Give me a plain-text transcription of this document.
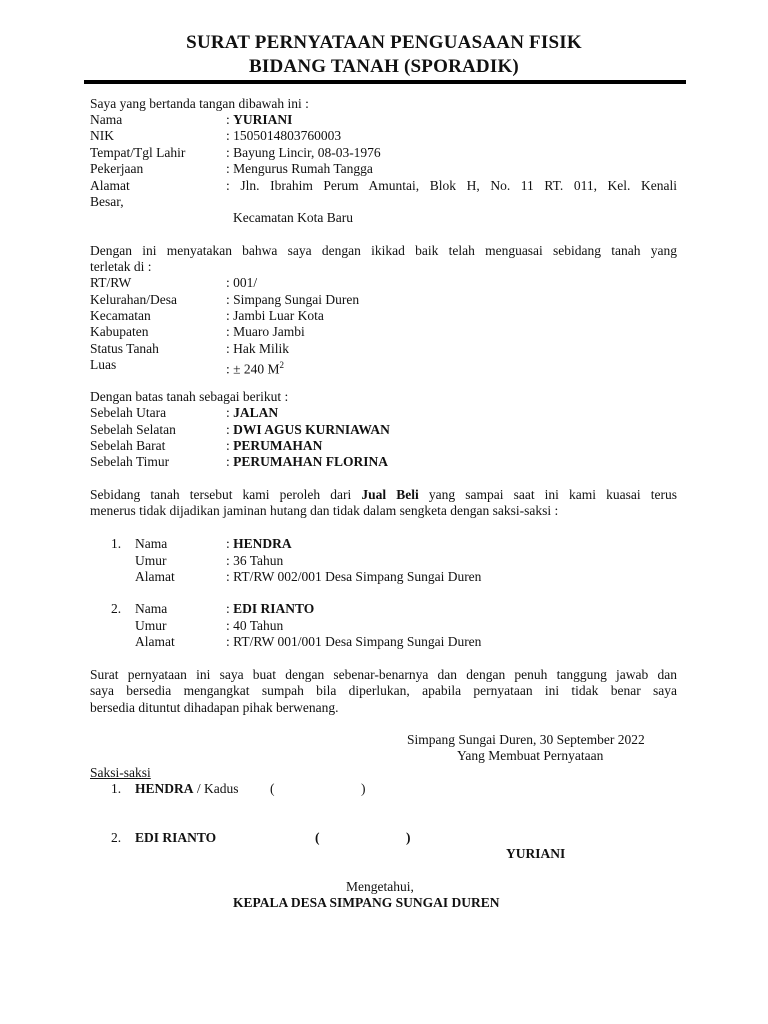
SURAT PERNYATAAN PENGUASAAN FISIK
BIDANG TANAH (SPORADIK)
Saya yang bertanda tangan dibawah ini :
Nama	: YURIANI
NIK	: 1505014803760003
Tempat/Tgl Lahir	: Bayung Lincir, 08-03-1976
Pekerjaan	: Mengurus Rumah Tangga
Alamat	: Jln. Ibrahim Perum Amuntai, Blok H, No. 11 RT. 011, Kel. Kenali
Besar,
Kecamatan Kota Baru
Dengan ini menyatakan bahwa saya dengan ikikad baik telah menguasai sebidang tanah yang
terletak di :
RT/RW	: 001/
Kelurahan/Desa	: Simpang Sungai Duren
Kecamatan	: Jambi Luar Kota
Kabupaten	: Muaro Jambi
Status Tanah	: Hak Milik
Luas	: ± 240 $M^2$
Dengan batas tanah sebagai berikut :
Sebelah Utara	: JALAN
Sebelah Selatan	: DWI AGUS KURNIAWAN
Sebelah Barat	: PERUMAHAN
Sebelah Timur	: PERUMAHAN FLORINA
Sebidang tanah tersebut kami peroleh dari Jual Beli yang sampai saat ini kami kuasai terus
menerus tidak dijadikan jaminan hutang dan tidak dalam sengketa dengan saksi-saksi :
1. Nama	: HENDRA
Umur	: 36 Tahun
Alamat	: RT/RW 002/001 Desa Simpang Sungai Duren
2. Nama	: EDI RIANTO
Umur	: 40 Tahun
Alamat	: RT/RW 001/001 Desa Simpang Sungai Duren
Surat pernyataan ini saya buat dengan sebenar-benarnya dan dengan penuh tanggung jawab dan
saya bersedia mengangkat sumpah bila diperlukan, apabila pernyataan ini tidak benar saya
bersedia dituntut dihadapan pihak berwenang.
Simpang Sungai Duren, 30 September 2022
Yang Membuat Pernyataan
Saksi-saksi
1. HENDRA / Kadus (	)
2. EDI RIANTO	(	)
YURIANI
Mengetahui,
KEPALA DESA SIMPANG SUNGAI DUREN
